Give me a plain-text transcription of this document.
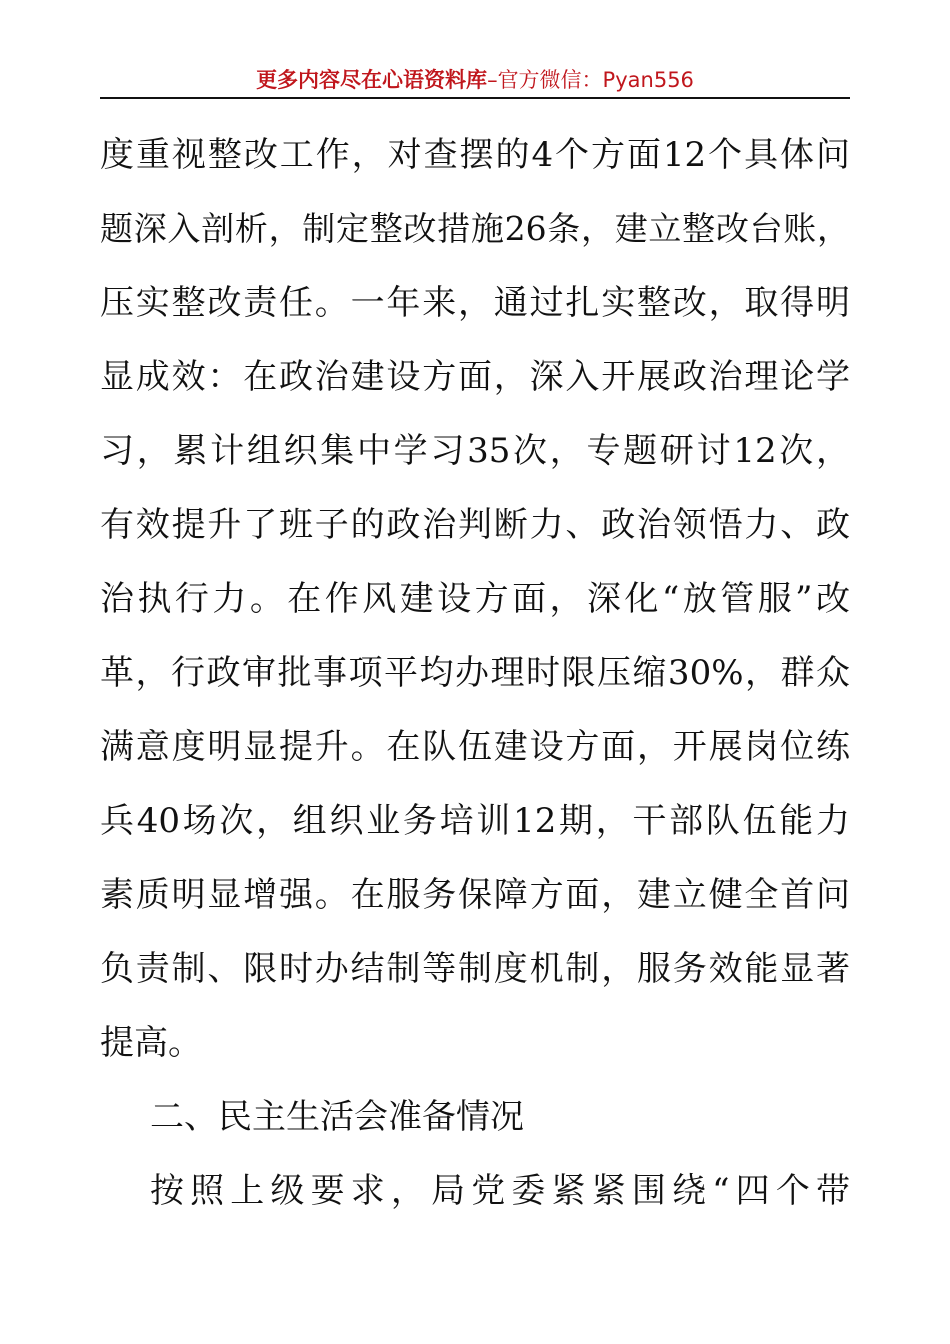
更多内容尽在心语资料库–官方微信：Pyan556
度重视整改工作，对查摆的4个方面12个具体问
题深入剖析，制定整改措施26条，建立整改台账，
压实整改责任。一年来，通过扎实整改，取得明
显成效：在政治建设方面，深入开展政治理论学
习，累计组织集中学习35次，专题研讨12次，
有效提升了班子的政治判断力、政治领悟力、政
治执行力。在作风建设方面，深化“放管服”改
革，行政审批事项平均办理时限压缩30%，群众
满意度明显提升。在队伍建设方面，开展岗位练
兵40场次，组织业务培训12期，干部队伍能力
素质明显增强。在服务保障方面，建立健全首问
负责制、限时办结制等制度机制，服务效能显著
提高。
二、民主生活会准备情况
按照上级要求，局党委紧紧围绕“四个带
